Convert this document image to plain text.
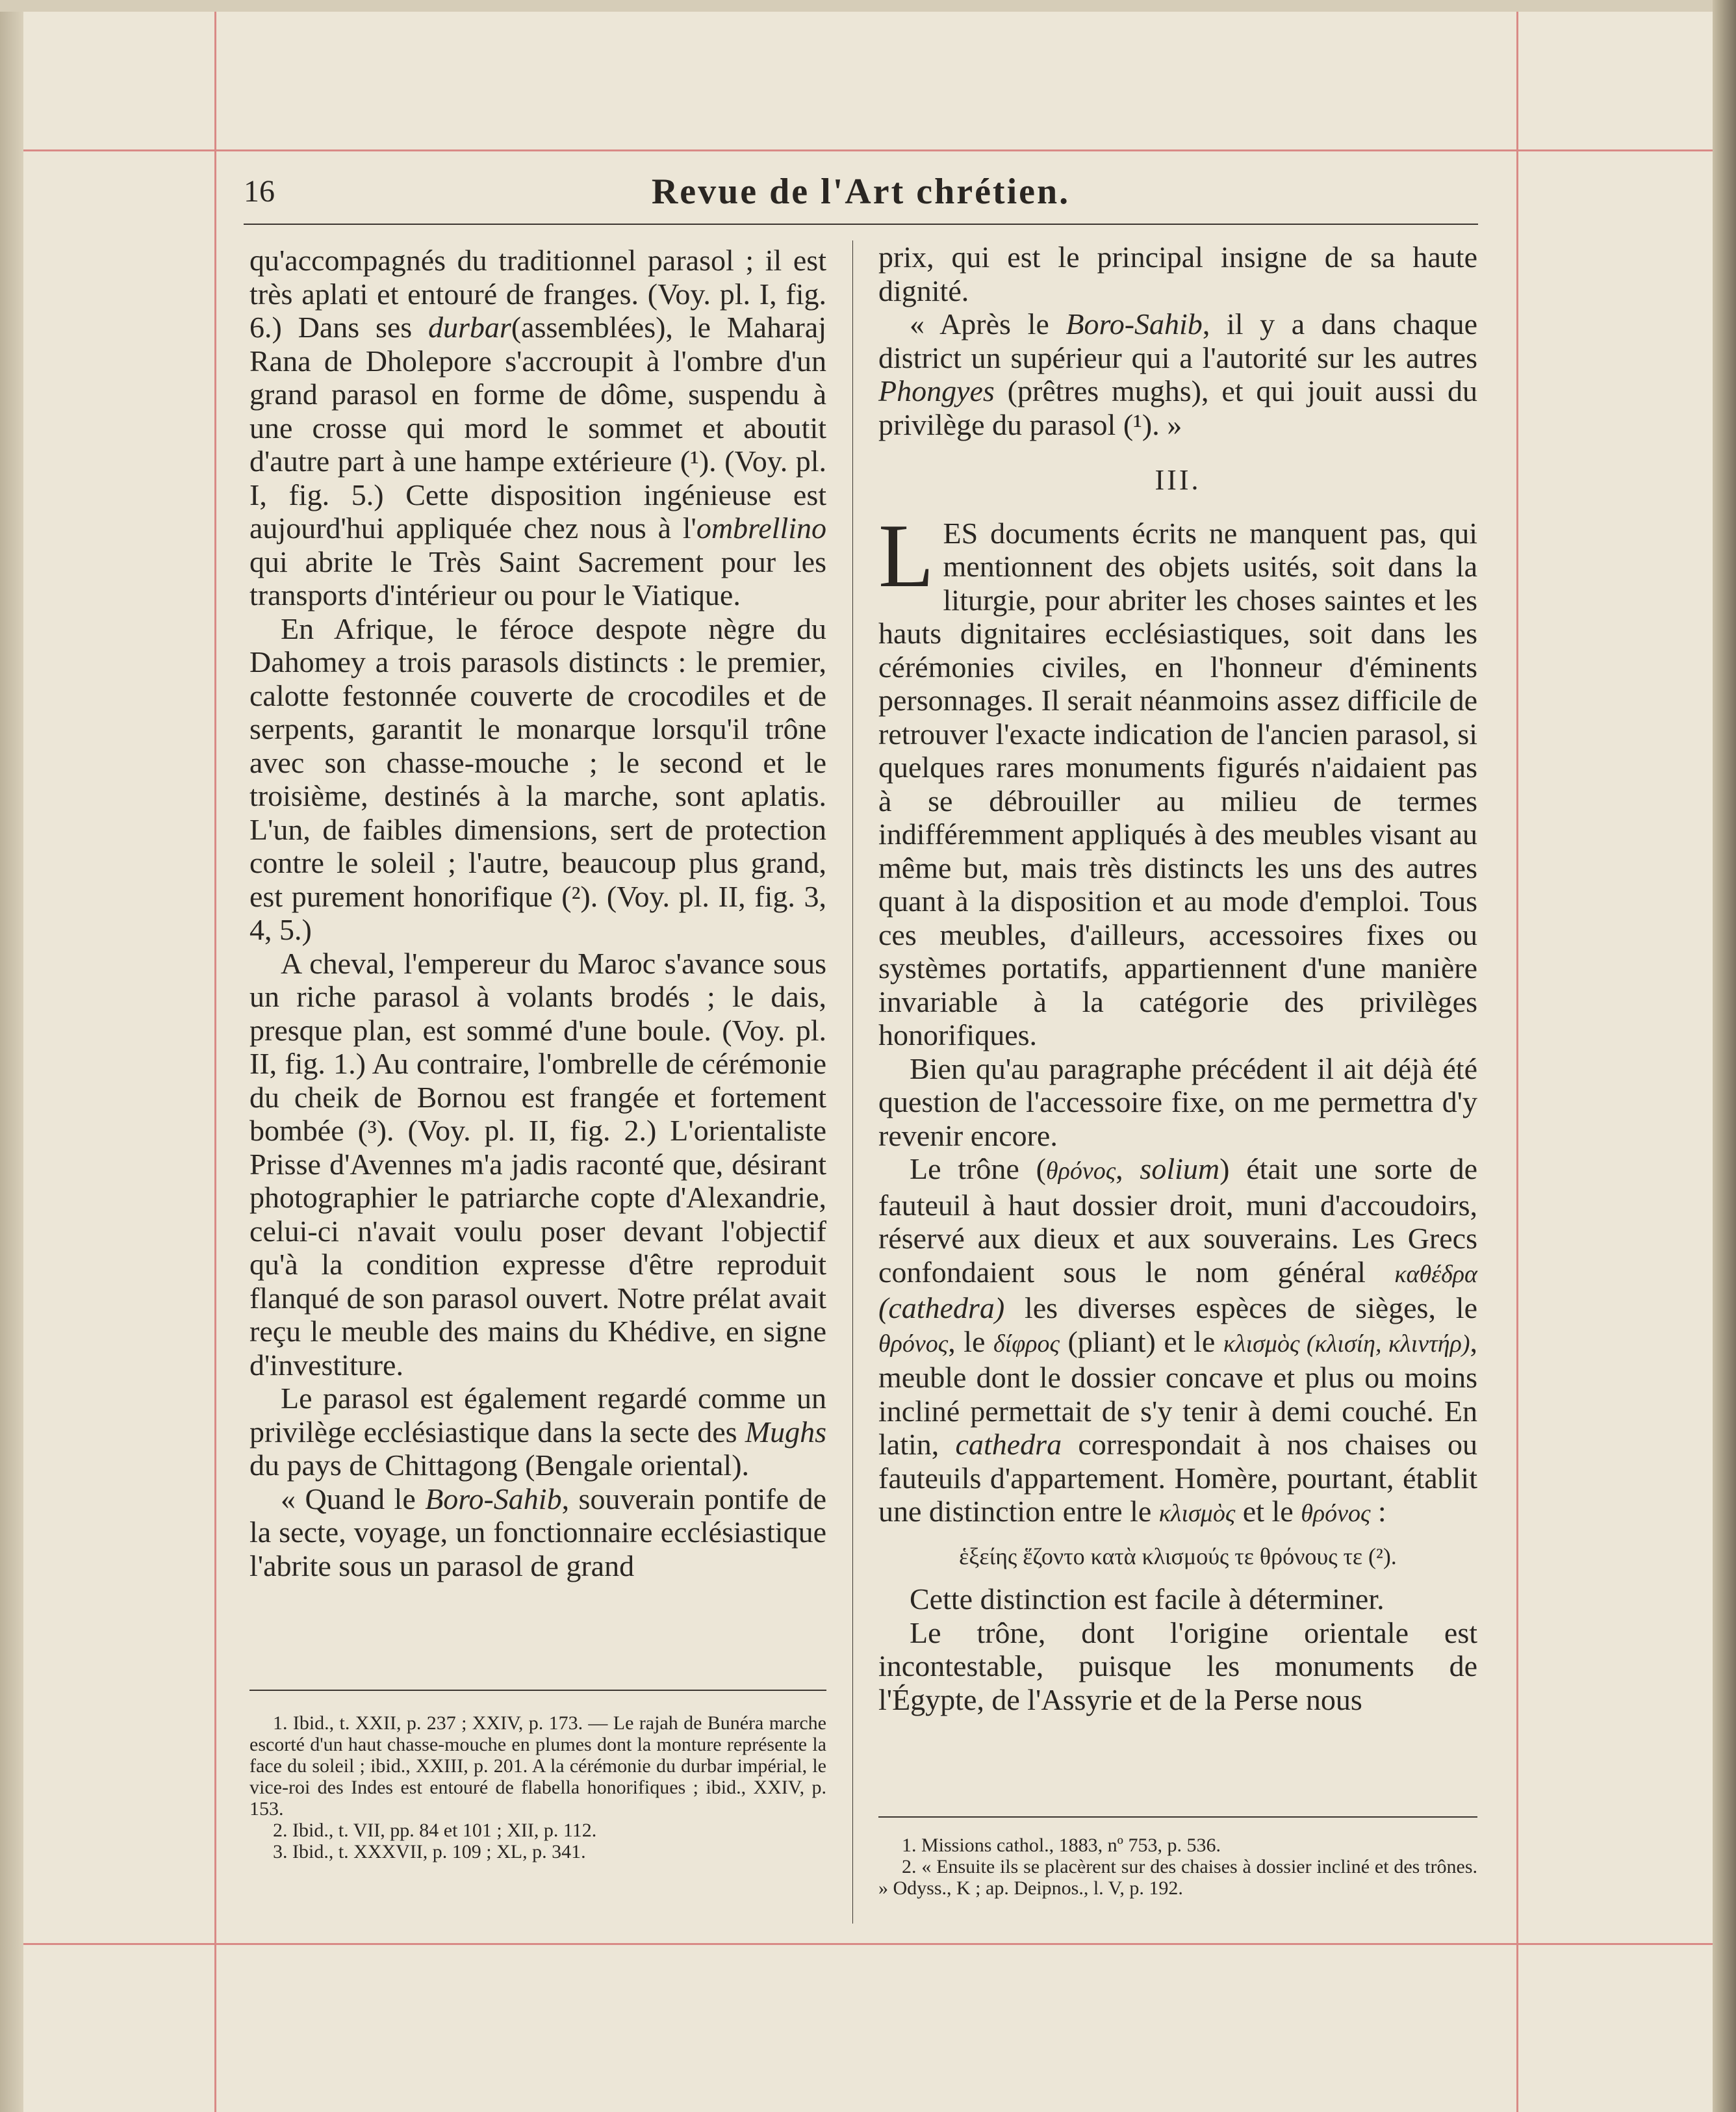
16	Revue de l'Art chrétien.

qu'accompagnés du traditionnel parasol ; il est très aplati et entouré de franges. (Voy. pl. I, fig. 6.) Dans ses durbar(assemblées), le Maharaj Rana de Dholepore s'accroupit à l'ombre d'un grand parasol en forme de dôme, suspendu à une crosse qui mord le sommet et aboutit d'autre part à une hampe extérieure (¹). (Voy. pl. I, fig. 5.) Cette disposition ingénieuse est aujourd'hui appliquée chez nous à l'ombrellino qui abrite le Très Saint Sacrement pour les transports d'intérieur ou pour le Viatique.

En Afrique, le féroce despote nègre du Dahomey a trois parasols distincts : le premier, calotte festonnée couverte de crocodiles et de serpents, garantit le monarque lorsqu'il trône avec son chasse-mouche ; le second et le troisième, destinés à la marche, sont aplatis. L'un, de faibles dimensions, sert de protection contre le soleil ; l'autre, beaucoup plus grand, est purement honorifique (²). (Voy. pl. II, fig. 3, 4, 5.)

A cheval, l'empereur du Maroc s'avance sous un riche parasol à volants brodés ; le dais, presque plan, est sommé d'une boule. (Voy. pl. II, fig. 1.) Au contraire, l'ombrelle de cérémonie du cheik de Bornou est frangée et fortement bombée (³). (Voy. pl. II, fig. 2.) L'orientaliste Prisse d'Avennes m'a jadis raconté que, désirant photographier le patriarche copte d'Alexandrie, celui-ci n'avait voulu poser devant l'objectif qu'à la condition expresse d'être reproduit flanqué de son parasol ouvert. Notre prélat avait reçu le meuble des mains du Khédive, en signe d'investiture.

Le parasol est également regardé comme un privilège ecclésiastique dans la secte des Mughs du pays de Chittagong (Bengale oriental).

« Quand le Boro-Sahib, souverain pontife de la secte, voyage, un fonctionnaire ecclésiastique l'abrite sous un parasol de grand

1. Ibid., t. XXII, p. 237 ; XXIV, p. 173. — Le rajah de Bunéra marche escorté d'un haut chasse-mouche en plumes dont la monture représente la face du soleil ; ibid., XXIII, p. 201. A la cérémonie du durbar impérial, le vice-roi des Indes est entouré de flabella honorifiques ; ibid., XXIV, p. 153.

2. Ibid., t. VII, pp. 84 et 101 ; XII, p. 112.

3. Ibid., t. XXXVII, p. 109 ; XL, p. 341.

prix, qui est le principal insigne de sa haute dignité.

« Après le Boro-Sahib, il y a dans chaque district un supérieur qui a l'autorité sur les autres Phongyes (prêtres mughs), et qui jouit aussi du privilège du parasol (¹). »

III.

LES documents écrits ne manquent pas, qui mentionnent des objets usités, soit dans la liturgie, pour abriter les choses saintes et les hauts dignitaires ecclésiastiques, soit dans les cérémonies civiles, en l'honneur d'éminents personnages. Il serait néanmoins assez difficile de retrouver l'exacte indication de l'ancien parasol, si quelques rares monuments figurés n'aidaient pas à se débrouiller au milieu de termes indifféremment appliqués à des meubles visant au même but, mais très distincts les uns des autres quant à la disposition et au mode d'emploi. Tous ces meubles, d'ailleurs, accessoires fixes ou systèmes portatifs, appartiennent d'une manière invariable à la catégorie des privilèges honorifiques.

Bien qu'au paragraphe précédent il ait déjà été question de l'accessoire fixe, on me permettra d'y revenir encore.

Le trône (θρόνος, solium) était une sorte de fauteuil à haut dossier droit, muni d'accoudoirs, réservé aux dieux et aux souverains. Les Grecs confondaient sous le nom général καθέδρα (cathedra) les diverses espèces de sièges, le θρόνος, le δίφρος (pliant) et le κλισμὸς (κλισίη, κλιντήρ), meuble dont le dossier concave et plus ou moins incliné permettait de s'y tenir à demi couché. En latin, cathedra correspondait à nos chaises ou fauteuils d'appartement. Homère, pourtant, établit une distinction entre le κλισμὸς et le θρόνος :

ἑξείης ἕζοντο κατὰ κλισμούς τε θρόνους τε (²).

Cette distinction est facile à déterminer.

Le trône, dont l'origine orientale est incontestable, puisque les monuments de l'Égypte, de l'Assyrie et de la Perse nous

1. Missions cathol., 1883, nº 753, p. 536.

2. « Ensuite ils se placèrent sur des chaises à dossier incliné et des trônes. » Odyss., K ; ap. Deipnos., l. V, p. 192.
